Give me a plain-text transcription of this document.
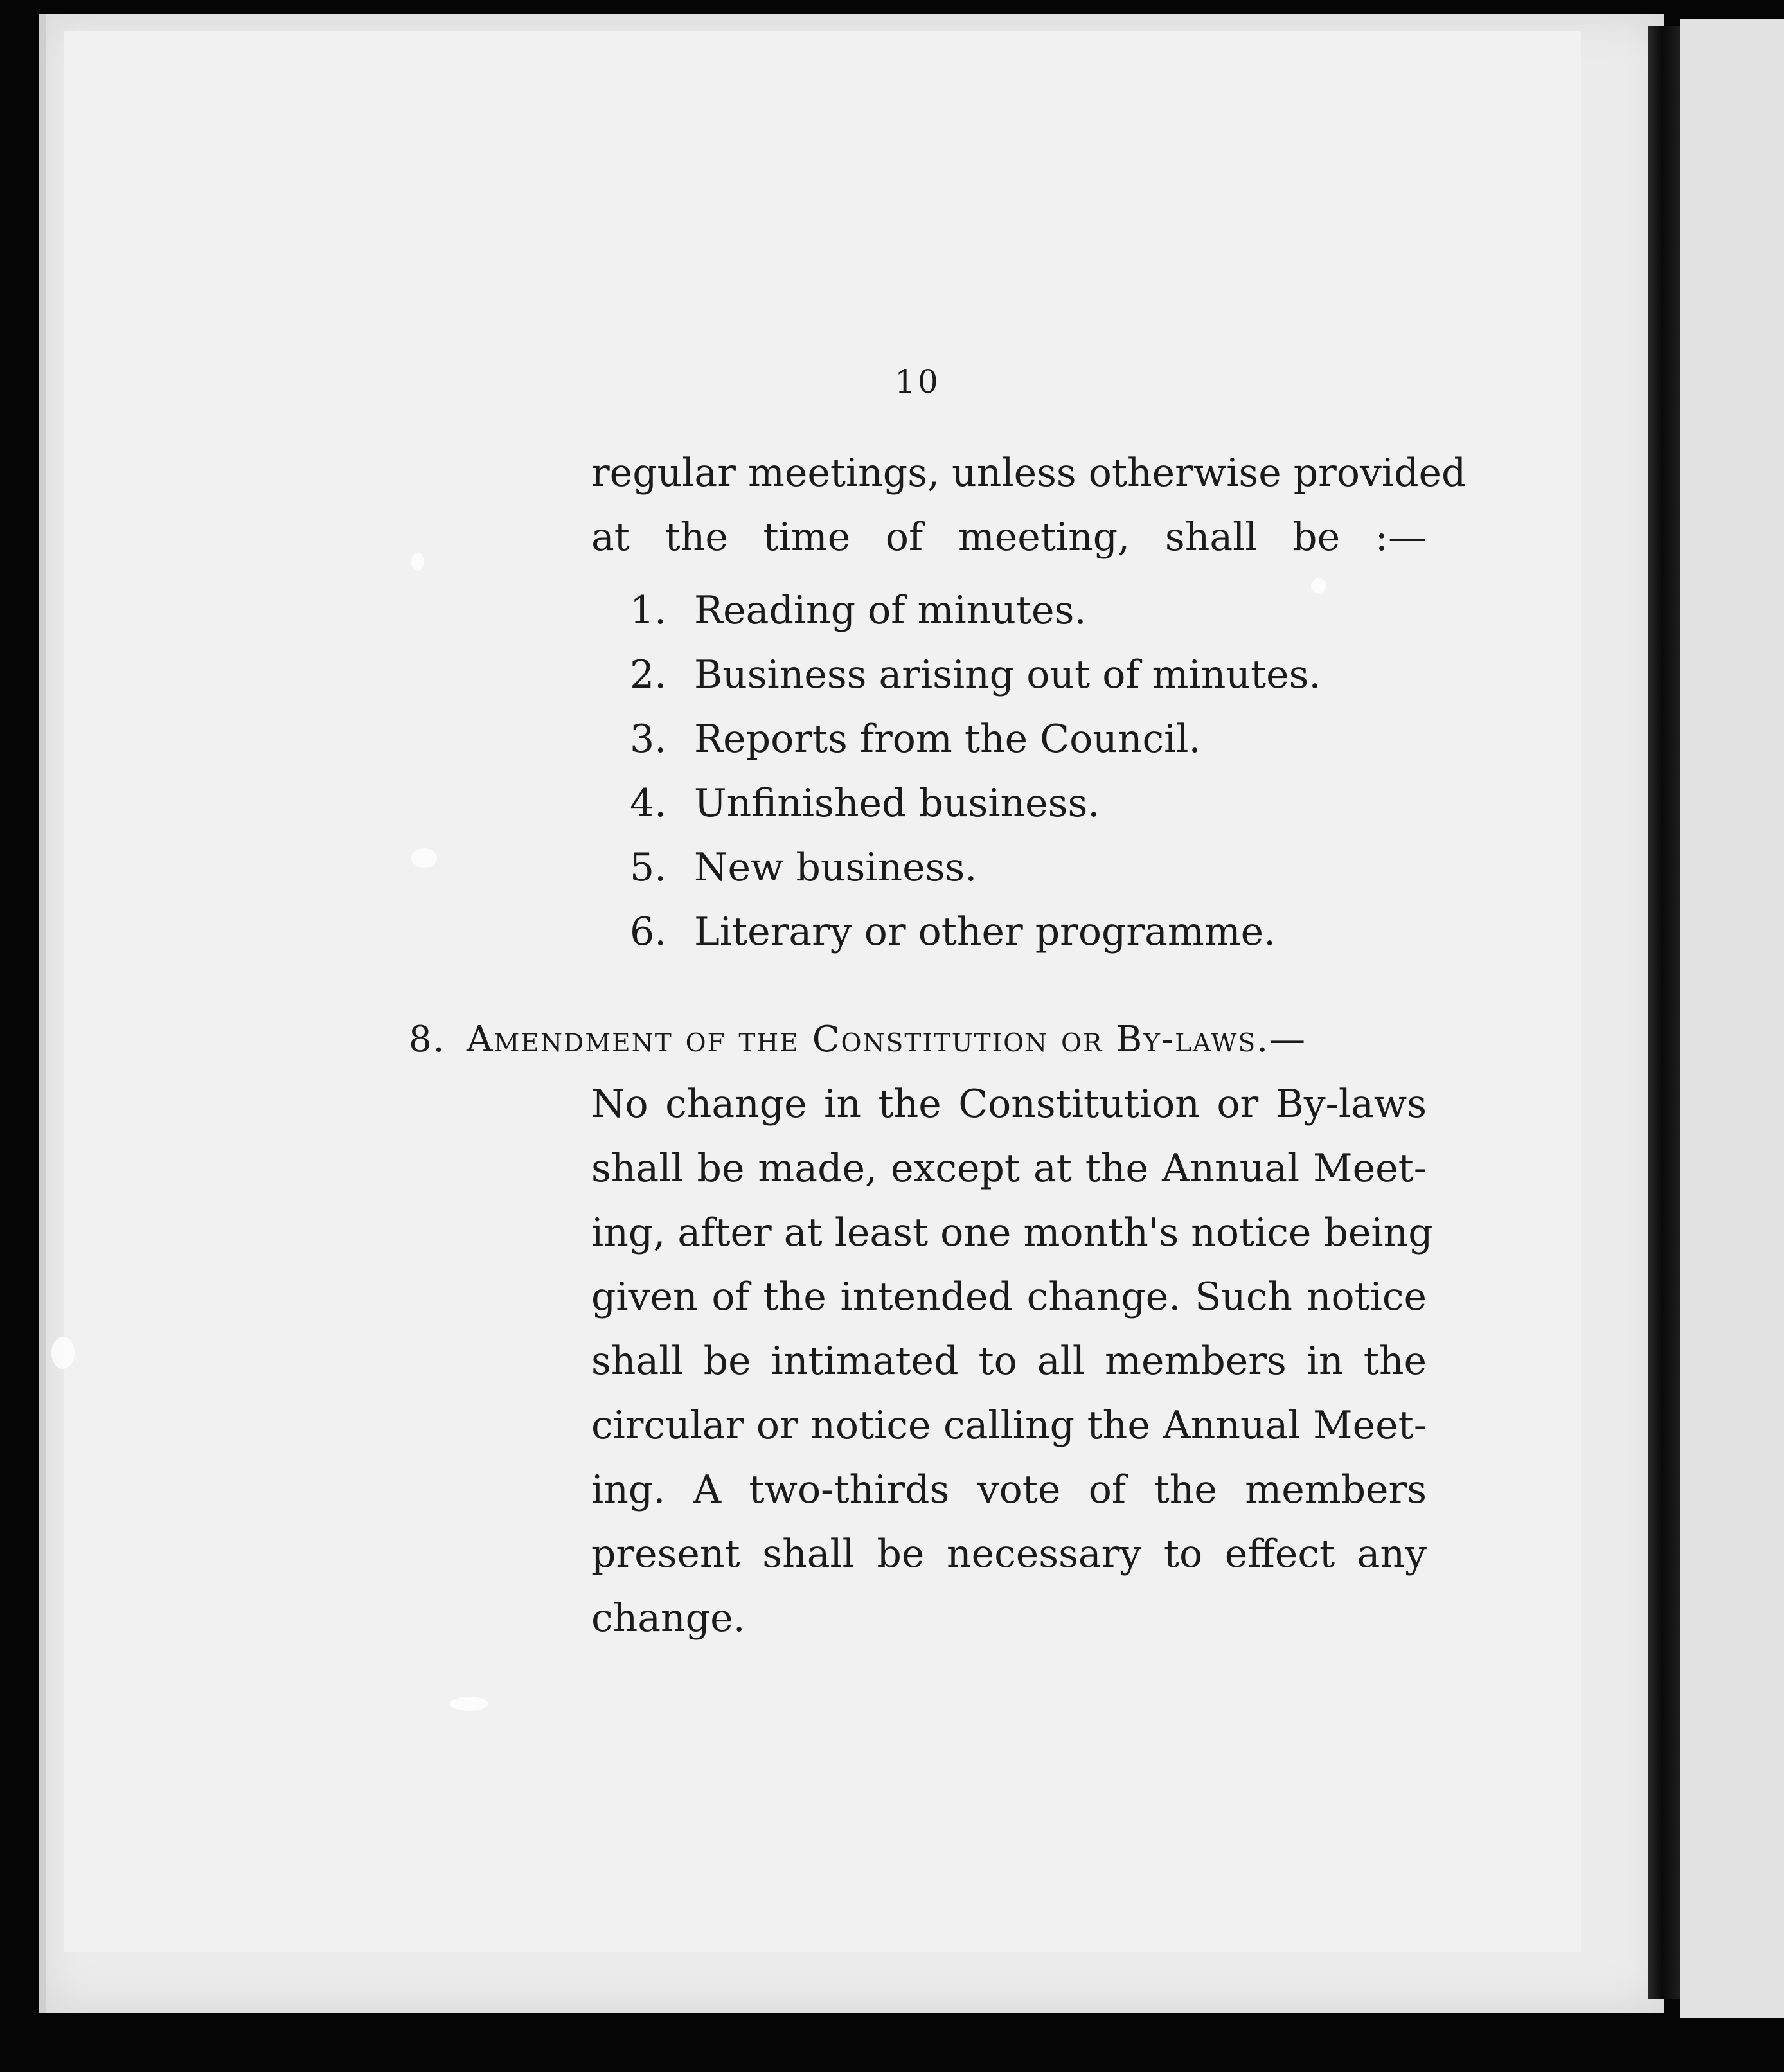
10
regular meetings, unless otherwise provided
at the time of meeting, shall be :—
1. Reading of minutes.
2. Business arising out of minutes.
3. Reports from the Council.
4. Unfinished business.
5. New business.
6. Literary or other programme.
8. Amendment of the Constitution or By-laws.—
No change in the Constitution or By-laws
shall be made, except at the Annual Meet-
ing, after at least one month's notice being
given of the intended change. Such notice
shall be intimated to all members in the
circular or notice calling the Annual Meet-
ing. A two-thirds vote of the members
present shall be necessary to effect any
change.
